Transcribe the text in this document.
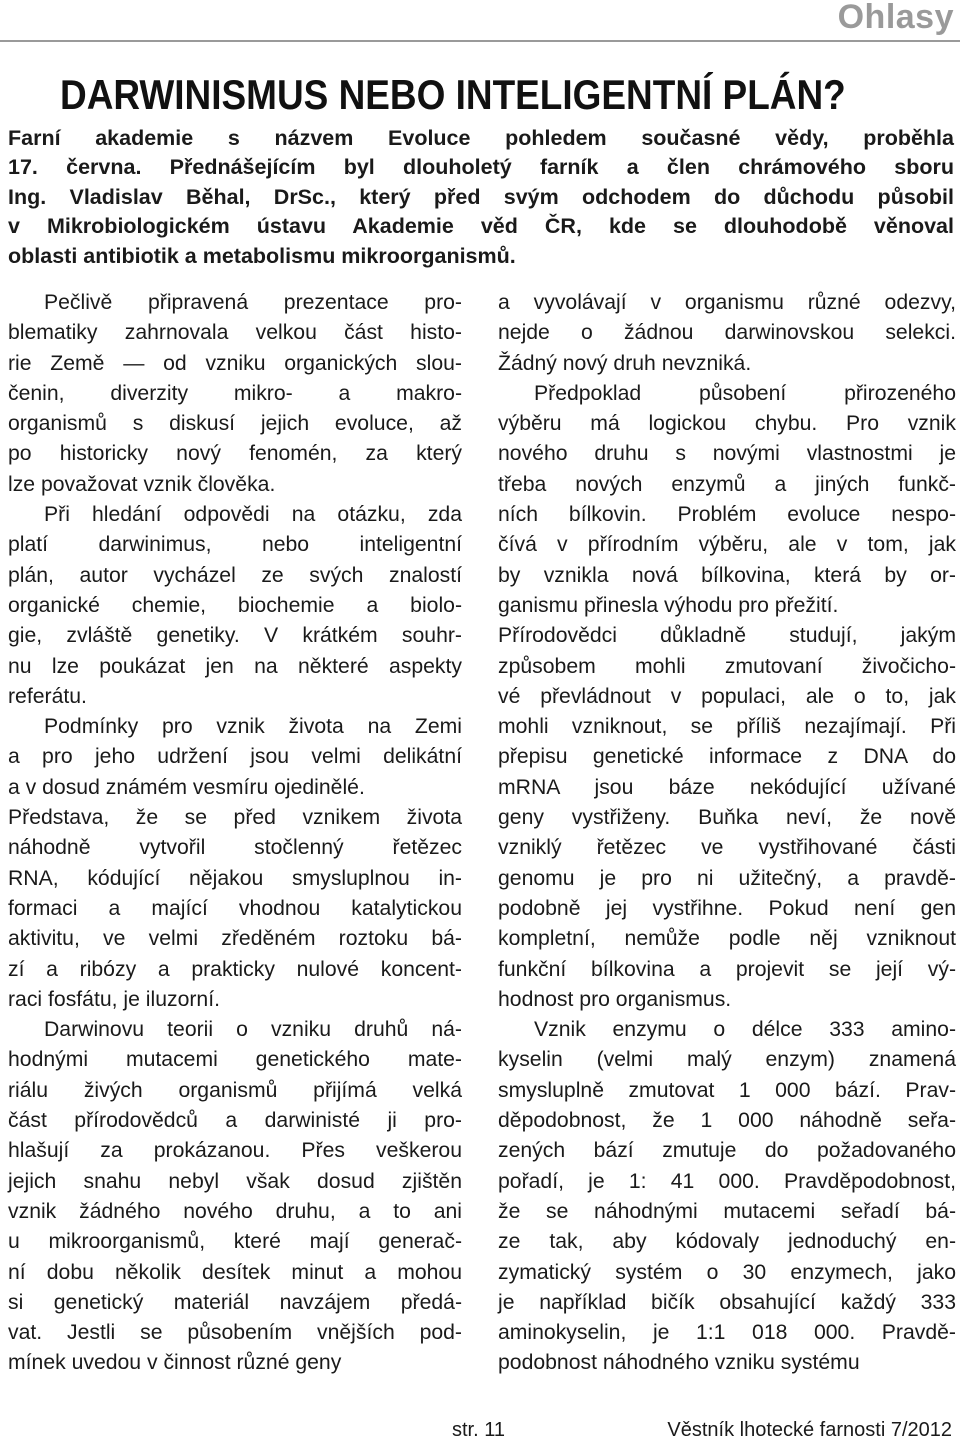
Ohlasy
DARWINISMUS NEBO INTELIGENTNÍ PLÁN?

Farní akademie s názvem Evoluce pohledem současné vědy, proběhla
17. června. Přednášejícím byl dlouholetý farník a člen chrámového sboru
Ing. Vladislav Běhal, DrSc., který před svým odchodem do důchodu působil
v Mikrobiologickém ústavu Akademie věd ČR, kde se dlouhodobě věnoval
oblasti antibiotik a metabolismu mikroorganismů.

Pečlivě připravená prezentace pro-
blematiky zahrnovala velkou část histo-
rie Země — od vzniku organických slou-
čenin, diverzity mikro- a makro-
organismů s diskusí jejich evoluce, až
po historicky nový fenomén, za který
lze považovat vznik člověka.
Při hledání odpovědi na otázku, zda
platí darwinimus, nebo inteligentní
plán, autor vycházel ze svých znalostí
organické chemie, biochemie a biolo-
gie, zvláště genetiky. V krátkém souhr-
nu lze poukázat jen na některé aspekty
referátu.
Podmínky pro vznik života na Zemi
a pro jeho udržení jsou velmi delikátní
a v dosud známém vesmíru ojedinělé.
Představa, že se před vznikem života
náhodně vytvořil stočlenný řetězec
RNA, kódující nějakou smysluplnou in-
formaci a mající vhodnou katalytickou
aktivitu, ve velmi zředěném roztoku bá-
zí a ribózy a prakticky nulové koncent-
raci fosfátu, je iluzorní.
Darwinovu teorii o vzniku druhů ná-
hodnými mutacemi genetického mate-
riálu živých organismů přijímá velká
část přírodovědců a darwinisté ji pro-
hlašují za prokázanou. Přes veškerou
jejich snahu nebyl však dosud zjištěn
vznik žádného nového druhu, a to ani
u mikroorganismů, které mají generač-
ní dobu několik desítek minut a mohou
si genetický materiál navzájem předá-
vat. Jestli se působením vnějších pod-
mínek uvedou v činnost různé geny
a vyvolávají v organismu různé odezvy,
nejde o žádnou darwinovskou selekci.
Žádný nový druh nevzniká.
Předpoklad působení přirozeného
výběru má logickou chybu. Pro vznik
nového druhu s novými vlastnostmi je
třeba nových enzymů a jiných funkč-
ních bílkovin. Problém evoluce nespo-
čívá v přírodním výběru, ale v tom, jak
by vznikla nová bílkovina, která by or-
ganismu přinesla výhodu pro přežití.
Přírodovědci důkladně studují, jakým
způsobem mohli zmutovaní živočicho-
vé převládnout v populaci, ale o to, jak
mohli vzniknout, se příliš nezajímají. Při
přepisu genetické informace z DNA do
mRNA jsou báze nekódující užívané
geny vystřiženy. Buňka neví, že nově
vzniklý řetězec ve vystřihované části
genomu je pro ni užitečný, a pravdě-
podobně jej vystřihne. Pokud není gen
kompletní, nemůže podle něj vzniknout
funkční bílkovina a projevit se její vý-
hodnost pro organismus.
Vznik enzymu o délce 333 amino-
kyselin (velmi malý enzym) znamená
smysluplně zmutovat 1 000 bází. Prav-
děpodobnost, že 1 000 náhodně seřa-
zených bází zmutuje do požadovaného
pořadí, je 1: 41 000. Pravděpodobnost,
že se náhodnými mutacemi seřadí bá-
ze tak, aby kódovaly jednoduchý en-
zymatický systém o 30 enzymech, jako
je například bičík obsahující každý 333
aminokyselin, je 1:1 018 000. Pravdě-
podobnost náhodného vzniku systému
str. 11	Věstník lhotecké farnosti 7/2012
